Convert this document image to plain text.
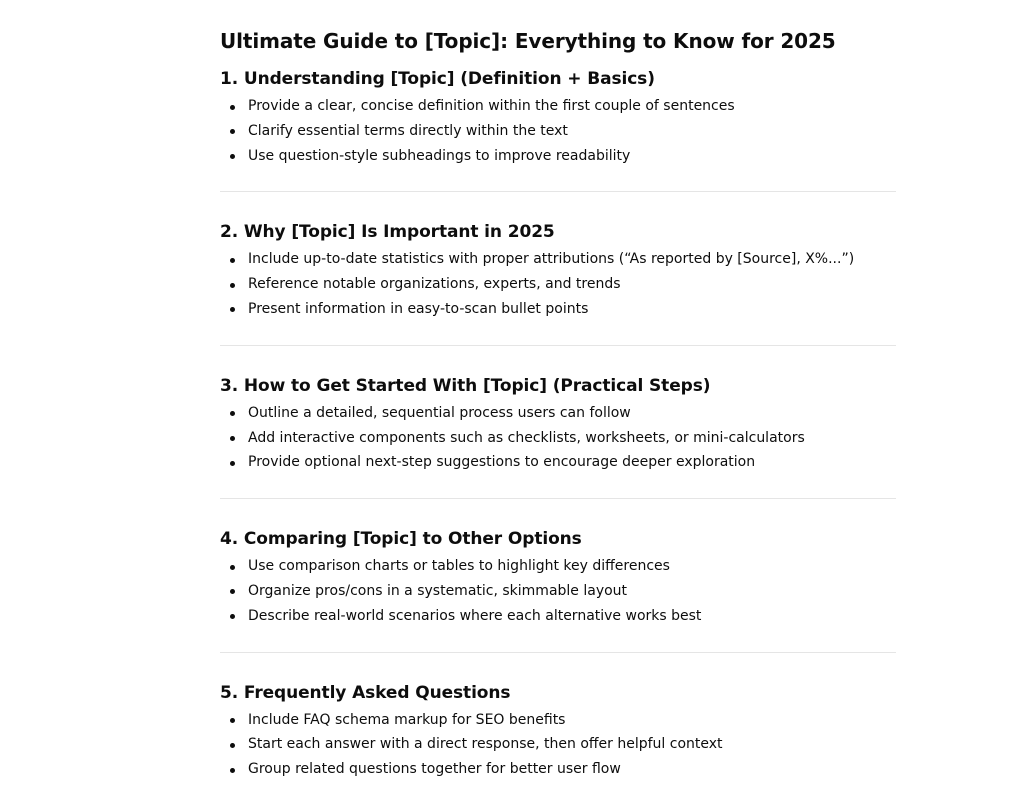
Ultimate Guide to [Topic]: Everything to Know for 2025
1. Understanding [Topic] (Definition + Basics)
Provide a clear, concise definition within the first couple of sentences
Clarify essential terms directly within the text
Use question-style subheadings to improve readability
2. Why [Topic] Is Important in 2025
Include up-to-date statistics with proper attributions (“As reported by [Source], X%...”)
Reference notable organizations, experts, and trends
Present information in easy-to-scan bullet points
3. How to Get Started With [Topic] (Practical Steps)
Outline a detailed, sequential process users can follow
Add interactive components such as checklists, worksheets, or mini-calculators
Provide optional next-step suggestions to encourage deeper exploration
4. Comparing [Topic] to Other Options
Use comparison charts or tables to highlight key differences
Organize pros/cons in a systematic, skimmable layout
Describe real-world scenarios where each alternative works best
5. Frequently Asked Questions
Include FAQ schema markup for SEO benefits
Start each answer with a direct response, then offer helpful context
Group related questions together for better user flow
